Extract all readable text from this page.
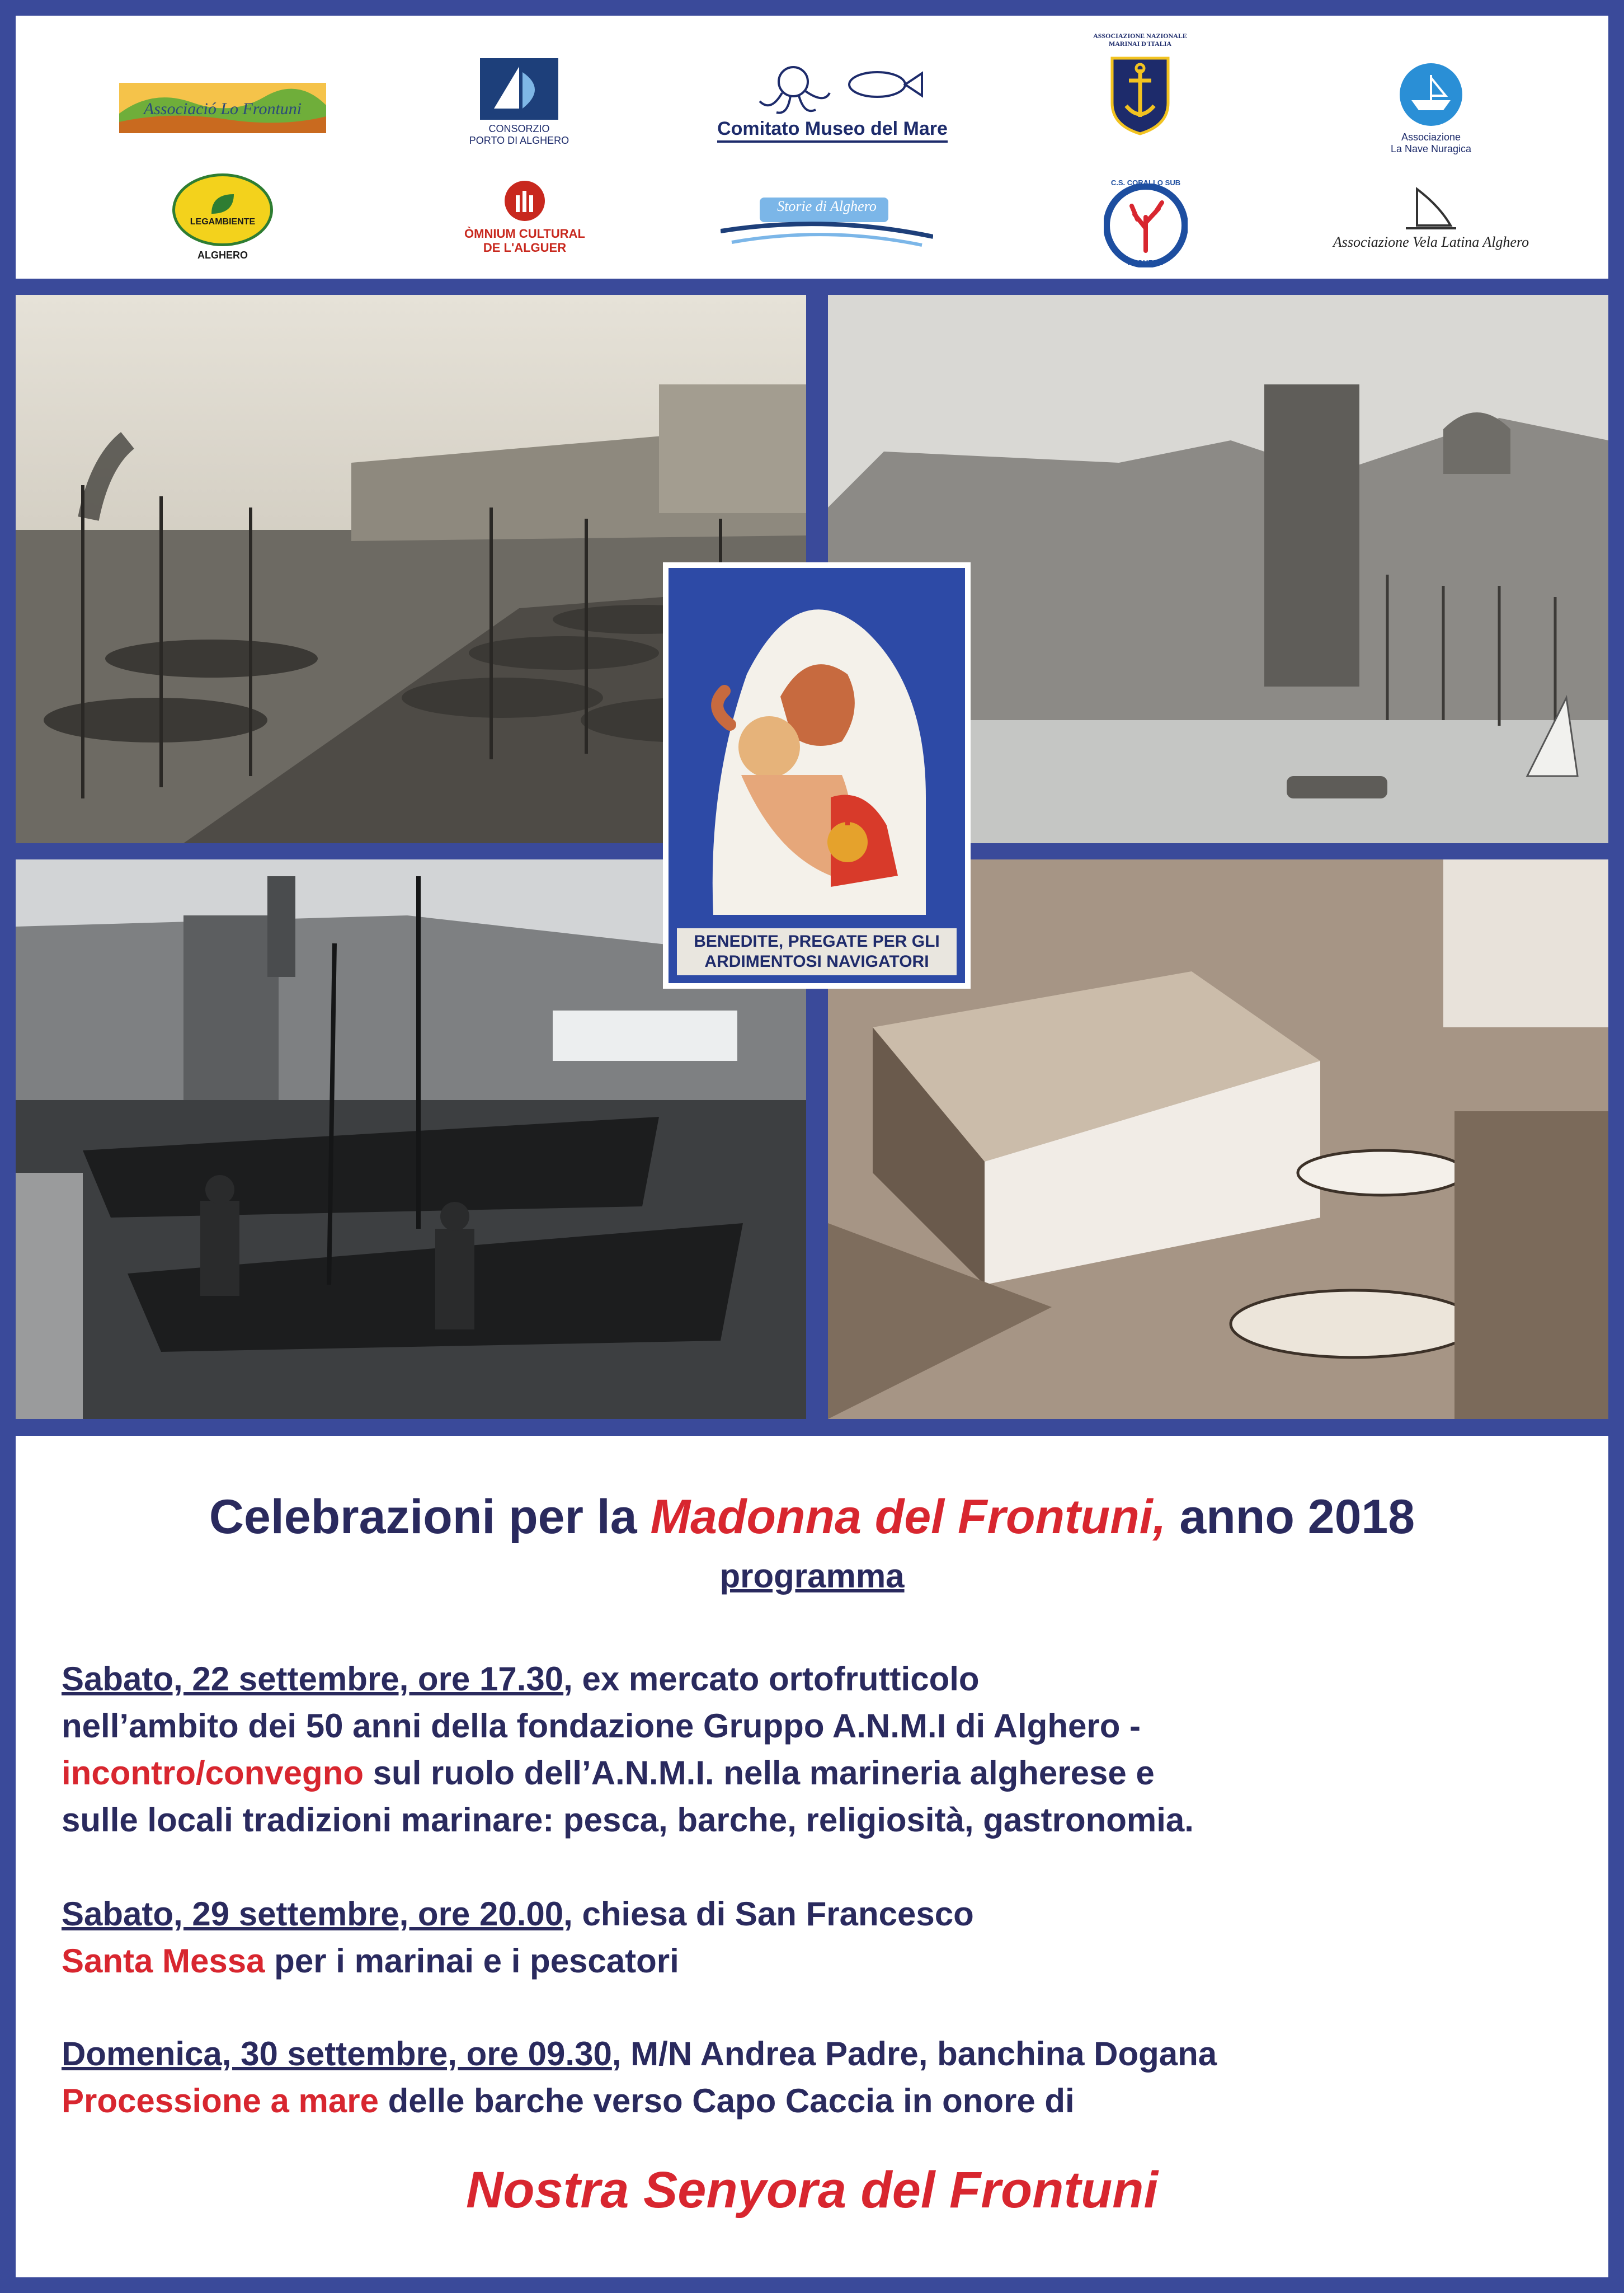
Associació Lo Frontuni
CONSORZIO
PORTO DI ALGHERO
Comitato Museo del Mare
ASSOCIAZIONE NAZIONALE
MARINAI D'ITALIA
Associazione
La Nave Nuragica
LEGAMBIENTE
ALGHERO
ÒMNIUM CULTURAL
DE L'ALGUER
Storie di Alghero
C.S. CORALLO SUB
ALGHERO
Associazione Vela Latina Alghero
BENEDITE, PREGATE PER GLI
ARDIMENTOSI NAVIGATORI
Celebrazioni per la Madonna del Frontuni, anno 2018
programma
Sabato, 22 settembre, ore 17.30, ex mercato ortofrutticolo
nell’ambito dei 50 anni della fondazione Gruppo A.N.M.I di Alghero -
incontro/convegno sul ruolo dell’A.N.M.I. nella marineria algherese e
sulle locali tradizioni marinare: pesca, barche, religiosità, gastronomia.
Sabato, 29 settembre, ore 20.00, chiesa di San Francesco
Santa Messa per i marinai e i pescatori
Domenica, 30 settembre, ore 09.30, M/N Andrea Padre, banchina Dogana
Processione a mare delle barche verso Capo Caccia in onore di
Nostra Senyora del Frontuni
